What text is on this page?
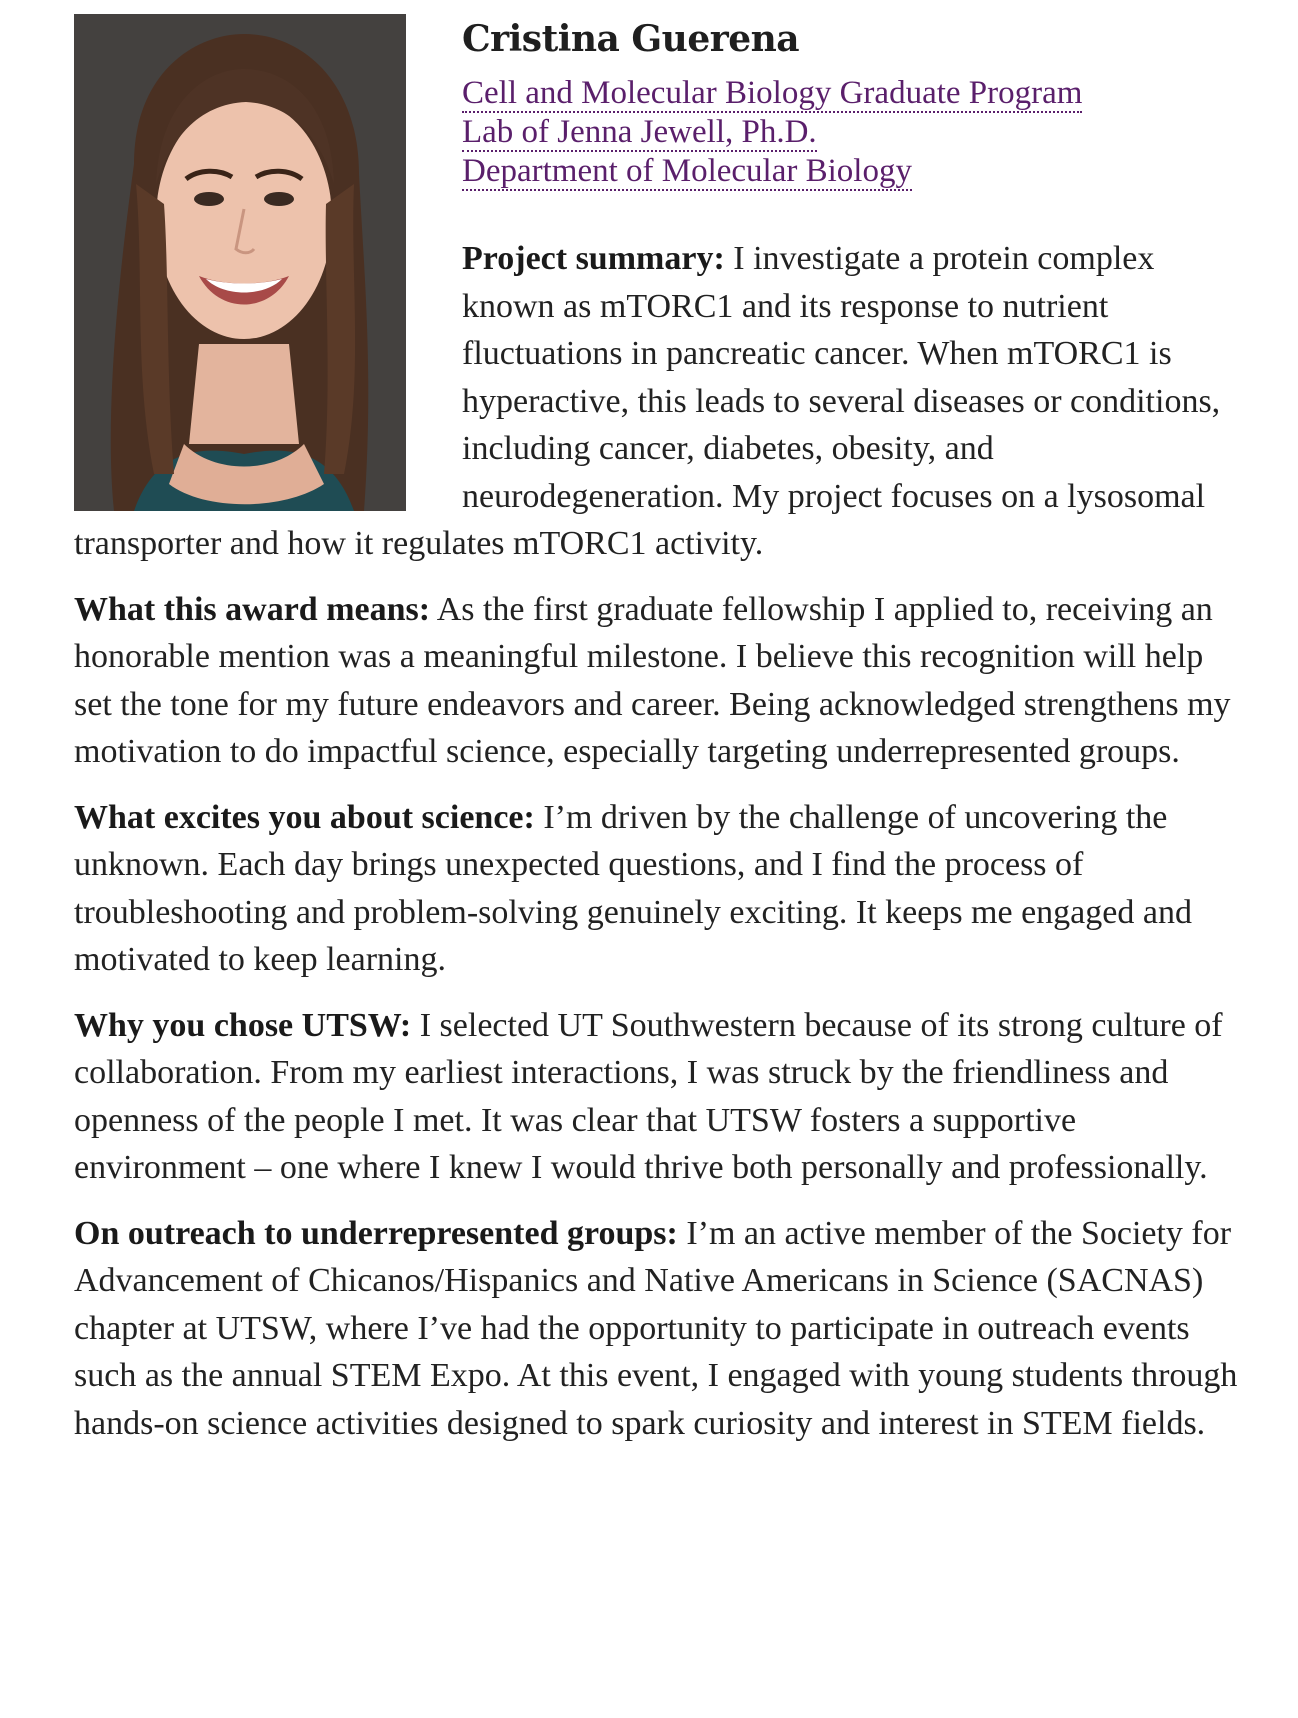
Cristina Guerena
Cell and Molecular Biology Graduate Program
Lab of Jenna Jewell, Ph.D.
Department of Molecular Biology

Project summary: I investigate a protein complex known as mTORC1 and its response to nutrient fluctuations in pancreatic cancer. When mTORC1 is hyperactive, this leads to several diseases or conditions, including cancer, diabetes, obesity, and neurodegeneration. My project focuses on a lysosomal transporter and how it regulates mTORC1 activity.

What this award means: As the first graduate fellowship I applied to, receiving an honorable mention was a meaningful milestone. I believe this recognition will help set the tone for my future endeavors and career. Being acknowledged strengthens my motivation to do impactful science, especially targeting underrepresented groups.

What excites you about science: I’m driven by the challenge of uncovering the unknown. Each day brings unexpected questions, and I find the process of troubleshooting and problem-solving genuinely exciting. It keeps me engaged and motivated to keep learning.

Why you chose UTSW: I selected UT Southwestern because of its strong culture of collaboration. From my earliest interactions, I was struck by the friendliness and openness of the people I met. It was clear that UTSW fosters a supportive environment – one where I knew I would thrive both personally and professionally.

On outreach to underrepresented groups: I’m an active member of the Society for Advancement of Chicanos/Hispanics and Native Americans in Science (SACNAS) chapter at UTSW, where I’ve had the opportunity to participate in outreach events such as the annual STEM Expo. At this event, I engaged with young students through hands-on science activities designed to spark curiosity and interest in STEM fields.
